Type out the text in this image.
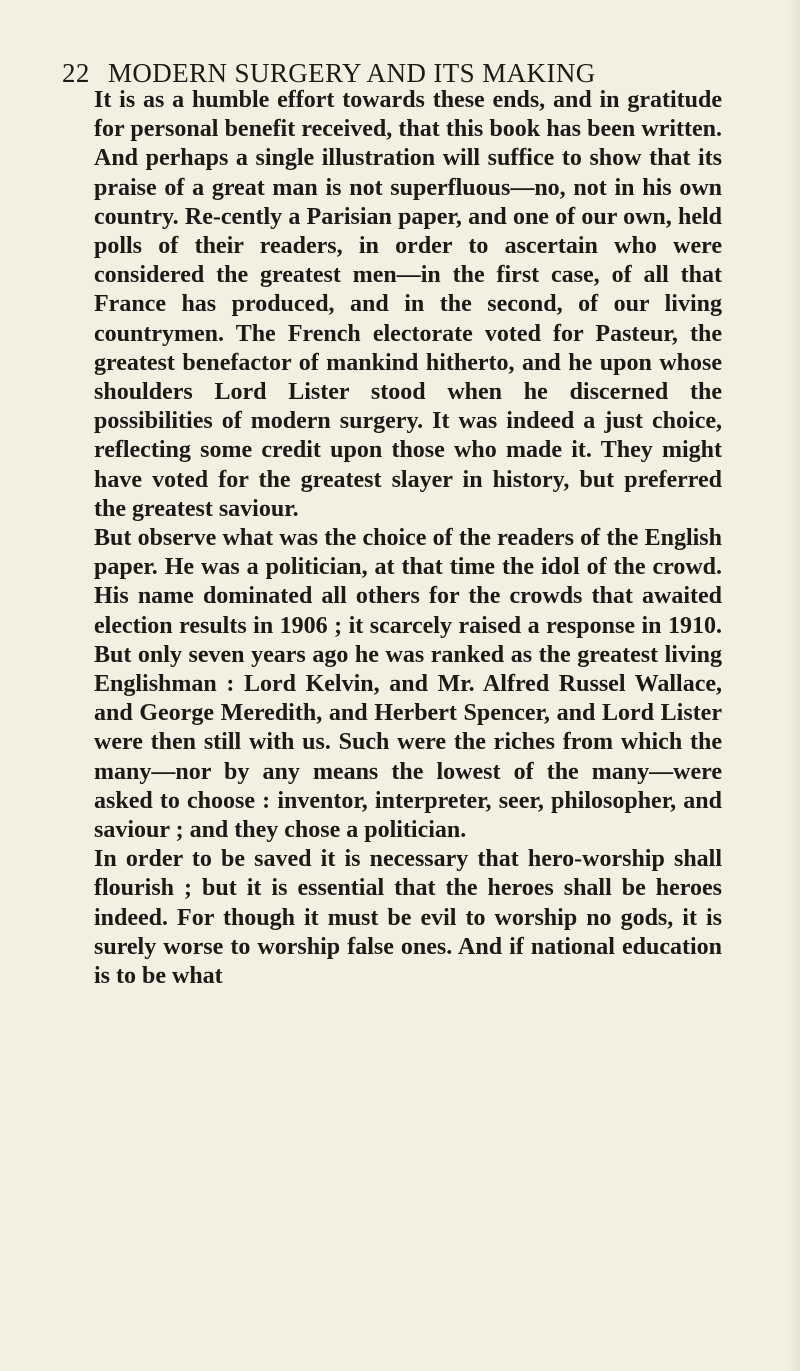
22 MODERN SURGERY AND ITS MAKING

It is as a humble effort towards these ends, and in gratitude for personal benefit received, that this book has been written. And perhaps a single illustration will suffice to show that its praise of a great man is not superfluous—no, not in his own country. Re-cently a Parisian paper, and one of our own, held polls of their readers, in order to ascertain who were considered the greatest men—in the first case, of all that France has produced, and in the second, of our living countrymen. The French electorate voted for Pasteur, the greatest benefactor of mankind hitherto, and he upon whose shoulders Lord Lister stood when he discerned the possibilities of modern surgery. It was indeed a just choice, reflecting some credit upon those who made it. They might have voted for the greatest slayer in history, but preferred the greatest saviour.

But observe what was the choice of the readers of the English paper. He was a politician, at that time the idol of the crowd. His name dominated all others for the crowds that awaited election results in 1906 ; it scarcely raised a response in 1910. But only seven years ago he was ranked as the greatest living Englishman : Lord Kelvin, and Mr. Alfred Russel Wallace, and George Meredith, and Herbert Spencer, and Lord Lister were then still with us. Such were the riches from which the many—nor by any means the lowest of the many—were asked to choose : inventor, interpreter, seer, philosopher, and saviour ; and they chose a politician.

In order to be saved it is necessary that hero-worship shall flourish ; but it is essential that the heroes shall be heroes indeed. For though it must be evil to worship no gods, it is surely worse to worship false ones. And if national education is to be what
